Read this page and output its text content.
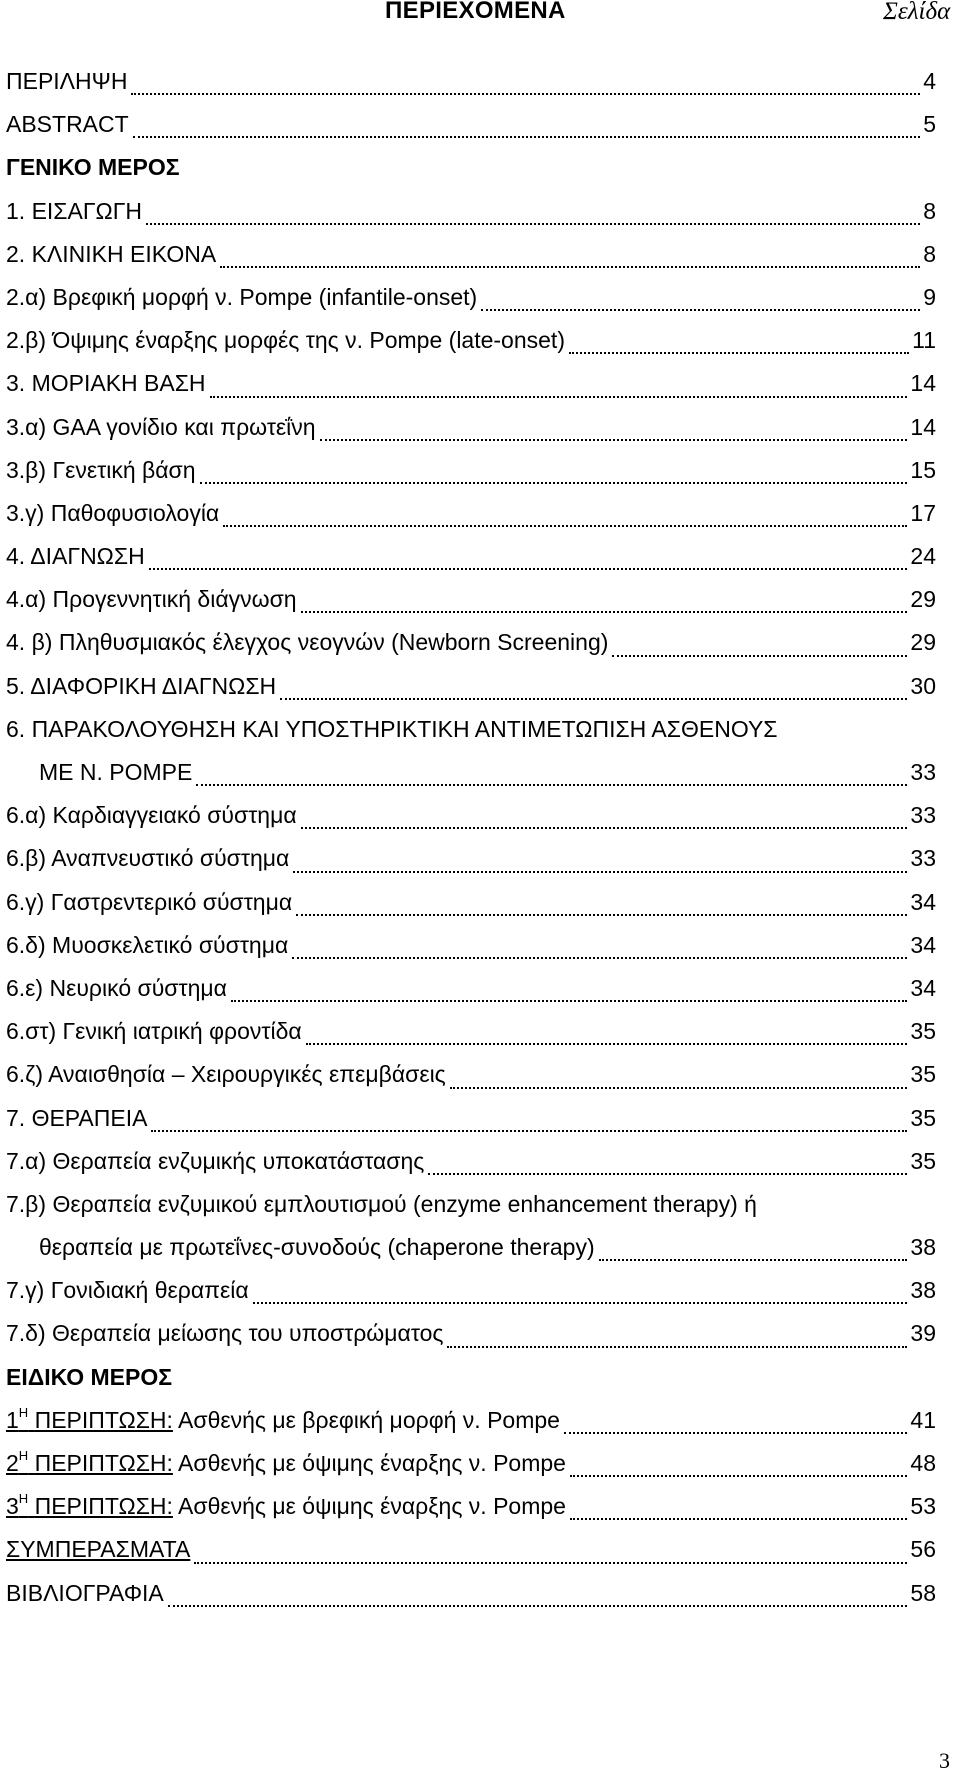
ΠΕΡΙΕΧΟΜΕΝΑ	Σελίδα
ΠΕΡΙΛΗΨΗ	4
ABSTRACT	5
ΓΕΝΙΚΟ ΜΕΡΟΣ
1. ΕΙΣΑΓΩΓΗ	8
2. ΚΛΙΝΙΚΗ ΕΙΚΟΝΑ	8
2.α) Βρεφική μορφή ν. Pompe (infantile-onset)	9
2.β) Όψιμης έναρξης μορφές της ν. Pompe (late-onset)	11
3. ΜΟΡΙΑΚΗ ΒΑΣΗ	14
3.α) GAA γονίδιο και πρωτεΐνη	14
3.β) Γενετική βάση	15
3.γ) Παθοφυσιολογία	17
4. ΔΙΑΓΝΩΣΗ	24
4.α) Προγεννητική διάγνωση	29
4. β) Πληθυσμιακός έλεγχος νεογνών (Newborn Screening)	29
5. ΔΙΑΦΟΡΙΚΗ ΔΙΑΓΝΩΣΗ	30
6. ΠΑΡΑΚΟΛΟΥΘΗΣΗ ΚΑΙ ΥΠΟΣΤΗΡΙΚΤΙΚΗ ΑΝΤΙΜΕΤΩΠΙΣΗ ΑΣΘΕΝΟΥΣ
ΜΕ Ν. POMPE	33
6.α) Καρδιαγγειακό σύστημα	33
6.β) Αναπνευστικό σύστημα	33
6.γ) Γαστρεντερικό σύστημα	34
6.δ) Μυοσκελετικό σύστημα	34
6.ε) Νευρικό σύστημα	34
6.στ) Γενική ιατρική φροντίδα	35
6.ζ) Αναισθησία – Χειρουργικές επεμβάσεις	35
7. ΘΕΡΑΠΕΙΑ	35
7.α) Θεραπεία ενζυμικής υποκατάστασης	35
7.β) Θεραπεία ενζυμικού εμπλουτισμού (enzyme enhancement therapy) ή
θεραπεία με πρωτεΐνες-συνοδούς (chaperone therapy)	38
7.γ) Γονιδιακή θεραπεία	38
7.δ) Θεραπεία μείωσης του υποστρώματος	39
ΕΙΔΙΚΟ ΜΕΡΟΣ
$1^H$ ΠΕΡΙΠΤΩΣΗ: Ασθενής με βρεφική μορφή ν. Pompe	41
$2^H$ ΠΕΡΙΠΤΩΣΗ: Ασθενής με όψιμης έναρξης ν. Pompe	48
$3^H$ ΠΕΡΙΠΤΩΣΗ: Ασθενής με όψιμης έναρξης ν. Pompe	53
ΣΥΜΠΕΡΑΣΜΑΤΑ	56
ΒΙΒΛΙΟΓΡΑΦΙΑ	58
3
